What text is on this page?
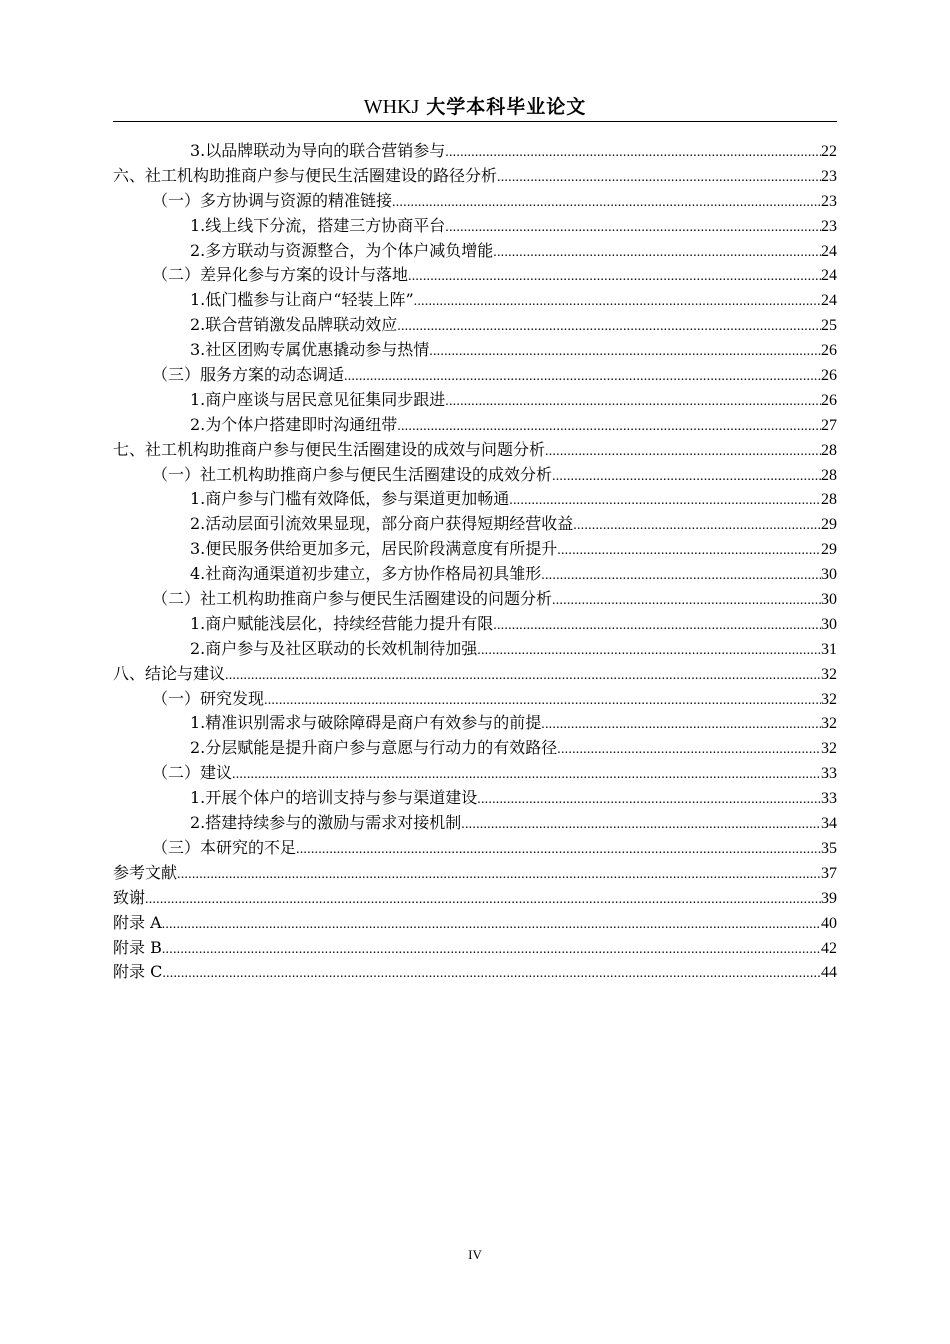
WHKJ 大学本科毕业论文
3.以品牌联动为导向的联合营销参与 .....	22
六、社工机构助推商户参与便民生活圈建设的路径分析 .....	23
（一）多方协调与资源的精准链接 .....	23
1.线上线下分流，搭建三方协商平台 .....	23
2.多方联动与资源整合，为个体户减负增能 .....	24
（二）差异化参与方案的设计与落地 .....	24
1.低门槛参与让商户“轻装上阵” .....	24
2.联合营销激发品牌联动效应 .....	25
3.社区团购专属优惠撬动参与热情 .....	26
（三）服务方案的动态调适 .....	26
1.商户座谈与居民意见征集同步跟进 .....	26
2.为个体户搭建即时沟通纽带 .....	27
七、社工机构助推商户参与便民生活圈建设的成效与问题分析 .....	28
（一）社工机构助推商户参与便民生活圈建设的成效分析 .....	28
1.商户参与门槛有效降低，参与渠道更加畅通 .....	28
2.活动层面引流效果显现，部分商户获得短期经营收益 .....	29
3.便民服务供给更加多元，居民阶段满意度有所提升 .....	29
4.社商沟通渠道初步建立，多方协作格局初具雏形 .....	30
（二）社工机构助推商户参与便民生活圈建设的问题分析 .....	30
1.商户赋能浅层化，持续经营能力提升有限 .....	30
2.商户参与及社区联动的长效机制待加强 .....	31
八、结论与建议 .....	32
（一）研究发现 .....	32
1.精准识别需求与破除障碍是商户有效参与的前提 .....	32
2.分层赋能是提升商户参与意愿与行动力的有效路径 .....	32
（二）建议 .....	33
1.开展个体户的培训支持与参与渠道建设 .....	33
2.搭建持续参与的激励与需求对接机制 .....	34
（三）本研究的不足 .....	35
参考文献 .....	37
致谢 .....	39
附录 A .....	40
附录 B .....	42
附录 C .....	44
IV
